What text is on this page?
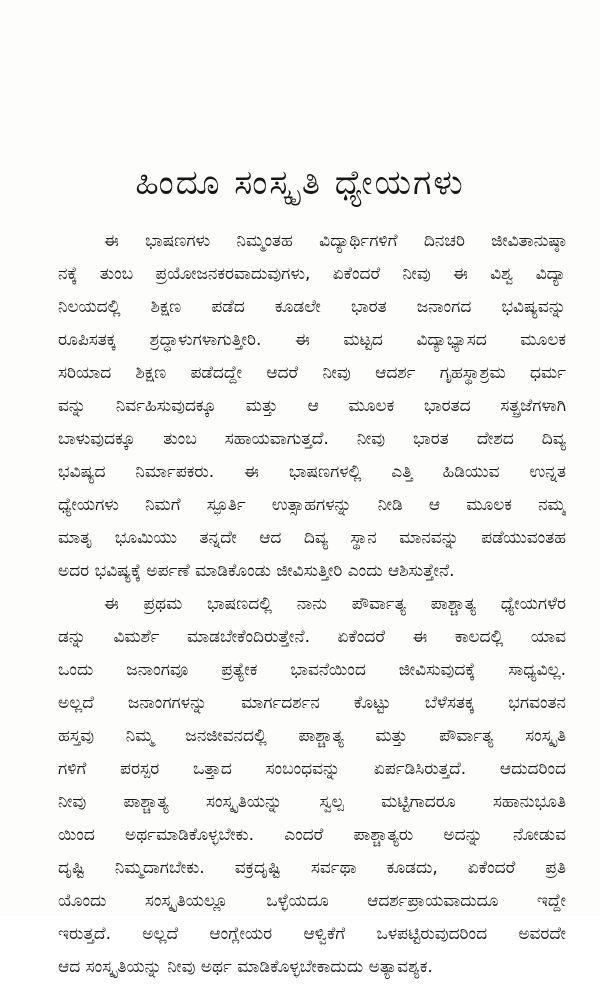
ಹಿಂದೂ ಸಂಸ್ಕೃತಿ ಧ್ಯೇಯಗಳು
ಈ ಭಾಷಣಗಳು ನಿಮ್ಮಂತಹ ವಿದ್ಯಾರ್ಥಿಗಳಿಗೆ ದಿನಚರಿ ಜೀವಿತಾನುಷ್ಠಾ
ನಕ್ಕೆ ತುಂಬ ಪ್ರಯೋಜನಕರವಾದುವುಗಳು, ಏಕೆಂದರೆ ನೀವು ಈ ವಿಶ್ವ ವಿದ್ಯಾ
ನಿಲಯದಲ್ಲಿ ಶಿಕ್ಷಣ ಪಡೆದ ಕೂಡಲೇ ಭಾರತ ಜನಾಂಗದ ಭವಿಷ್ಯವನ್ನು
ರೂಪಿಸತಕ್ಕ ಶ್ರದ್ಧಾಳುಗಳಾಗುತ್ತೀರಿ. ಈ ಮಟ್ಟದ ವಿದ್ಯಾಭ್ಯಾಸದ ಮೂಲಕ
ಸರಿಯಾದ ಶಿಕ್ಷಣ ಪಡೆದದ್ದೇ ಆದರೆ ನೀವು ಆದರ್ಶ ಗೃಹಸ್ಥಾಶ್ರಮ ಧರ್ಮ
ವನ್ನು ನಿರ್ವಹಿಸುವುದಕ್ಕೂ ಮತ್ತು ಆ ಮೂಲಕ ಭಾರತದ ಸತ್ಪ್ರಜೆಗಳಾಗಿ
ಬಾಳುವುದಕ್ಕೂ ತುಂಬ ಸಹಾಯವಾಗುತ್ತದೆ. ನೀವು ಭಾರತ ದೇಶದ ದಿವ್ಯ
ಭವಿಷ್ಯದ ನಿರ್ಮಾಪಕರು. ಈ ಭಾಷಣಗಳಲ್ಲಿ ಎತ್ತಿ ಹಿಡಿಯುವ ಉನ್ನತ
ಧ್ಯೇಯಗಳು ನಿಮಗೆ ಸ್ಫೂರ್ತಿ ಉತ್ಸಾಹಗಳನ್ನು ನೀಡಿ ಆ ಮೂಲಕ ನಮ್ಮ
ಮಾತೃ ಭೂಮಿಯು ತನ್ನದೇ ಆದ ದಿವ್ಯ ಸ್ಥಾನ ಮಾನವನ್ನು ಪಡೆಯುವಂತಹ
ಅದರ ಭವಿಷ್ಯಕ್ಕೆ ಅರ್ಪಣೆ ಮಾಡಿಕೊಂಡು ಜೀವಿಸುತ್ತೀರಿ ಎಂದು ಆಶಿಸುತ್ತೇನೆ.
ಈ ಪ್ರಥಮ ಭಾಷಣದಲ್ಲಿ ನಾನು ಪೌರ್ವಾತ್ಯ ಪಾಶ್ಚಾತ್ಯ ಧ್ಯೇಯಗಳೆರ
ಡನ್ನು ವಿಮರ್ಶೆ ಮಾಡಬೇಕೆಂದಿರುತ್ತೇನೆ. ಏಕೆಂದರೆ ಈ ಕಾಲದಲ್ಲಿ ಯಾವ
ಒಂದು ಜನಾಂಗವೂ ಪ್ರತ್ಯೇಕ ಭಾವನೆಯಿಂದ ಜೀವಿಸುವುದಕ್ಕೆ ಸಾಧ್ಯವಿಲ್ಲ.
ಅಲ್ಲದೆ ಜನಾಂಗಗಳನ್ನು ಮಾರ್ಗದರ್ಶನ ಕೊಟ್ಟು ಬೆಳೆಸತಕ್ಕ ಭಗವಂತನ
ಹಸ್ತವು ನಿಮ್ಮ ಜನಜೀವನದಲ್ಲಿ ಪಾಶ್ಚಾತ್ಯ ಮತ್ತು ಪೌರ್ವಾತ್ಯ ಸಂಸ್ಕೃತಿ
ಗಳಿಗೆ ಪರಸ್ಪರ ಒತ್ತಾದ ಸಂಬಂಧವನ್ನು ಏರ್ಪಡಿಸಿರುತ್ತದೆ. ಆದುದರಿಂದ
ನೀವು ಪಾಶ್ಚಾತ್ಯ ಸಂಸ್ಕೃತಿಯನ್ನು ಸ್ವಲ್ಪ ಮಟ್ಟಿಗಾದರೂ ಸಹಾನುಭೂತಿ
ಯಿಂದ ಅರ್ಥಮಾಡಿಕೊಳ್ಳಬೇಕು. ಎಂದರೆ ಪಾಶ್ಚಾತ್ಯರು ಅದನ್ನು ನೋಡುವ
ದೃಷ್ಟಿ ನಿಮ್ಮದಾಗಬೇಕು. ವಕ್ರದೃಷ್ಟಿ ಸರ್ವಥಾ ಕೂಡದು, ಏಕೆಂದರೆ ಪ್ರತಿ
ಯೊಂದು ಸಂಸ್ಕೃತಿಯಲ್ಲೂ ಒಳ್ಳೆಯದೂ ಆದರ್ಶಪ್ರಾಯವಾದುದೂ ಇದ್ದೇ
ಇರುತ್ತದೆ. ಅಲ್ಲದೆ ಆಂಗ್ಲೇಯರ ಆಳ್ವಿಕೆಗೆ ಒಳಪಟ್ಟಿರುವುದರಿಂದ ಅವರದೇ
ಆದ ಸಂಸ್ಕೃತಿಯನ್ನು ನೀವು ಅರ್ಥ ಮಾಡಿಕೊಳ್ಳಬೇಕಾದುದು ಅತ್ಯಾವಶ್ಯಕ.
